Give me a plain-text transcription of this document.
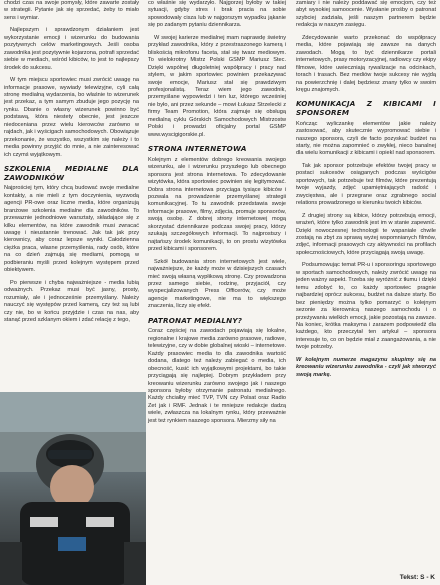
chodzi czas na swoje pomysły, które zawarte zostały w strategii. Pytanie jak się sprzedać, żeby to miało sens i wymiar.

Najlepszym i sprawdzonym działaniem jest wykorzystanie emocji i wizerunku do budowania pozytywnych celów marketingowych. Jeśli osoba zawodnika jest pozytywnie kojarzona, potrafi sprzedać siebie w mediach, wśród kibiców, to jest to najlepszy środek do sukcesu.

W tym miejscu sportowiec musi zwrócić uwagę na informacje prasowe, wywiady telewizyjne, cyli całą stronę medialną wydarzenia, bo właśnie to wizerunek jest przekaz, a tym samym zbuduje jego pozycję na rynku. Dbanie o własny wizerunek powinno być podstawą, która niestety obecnie, jest jeszcze niedoceniana przez wielu kierowców zarówno w rajdach, jak i wyścigach samochodowych. Obowiązuje przekonanie, że wszystko, wszystkim się należy i to media powinny przyjść do mnie, a nie zainteresować ich czymś wyjątkowym.

SZKOLENIA MEDIALNE DLA ZAWODNIKÓW

Najprościej tym, który chcą budować swoje medialne kontakty, a nie mieli z tym doczynienia, wyzwodą agencji PR-owe oraz liczne media, które organizują branżowe szkolenia medialne dla zawodników. To przewaznie jednodniowe warsztaty, składające się z kilku elementów, na które zawodnik musi zwracać uwagę i nieustannie trenować. Jak tak jak przy kierownicy, aby coraz lepsze wyniki. Całodzienna ciężka praca, własne przemyślenia, rady osób, które na co dzień zajmują się mediami, pomogą w podbieraniu myśli przed kolejnym występem przed obiektywem.

Po pierwsze i chyba najważniejsze - media lubią odważnych. Przekaz musi być jasny, prosty, rozumiały, ale i jednocześnie przemyślany. Należy nauczyć się występów przed kamerą, czy też są lubi czy nie, bo w końcu przyjdzie i czas na nas, aby stanąć przed szklanym okiem i zdać relację z tego,

co właśnie się wydarzyło. Najgorzej byłoby w takiej sytuacji, gdyby stres i brak pracia na sobie spowodowały cisza lub w najgorszym wypadku jąkanie się po zadanym pytaniu dziennikarza.

W swojej karierze medialnej mam naprawdę świetny przykład zawodnika, który z przestraszonego kamerą i bliskością mikrofonu faceta, stał się twarz mediowym. To wielokrotny Mistrz Polski GSMP Mariusz Stec. Dzięki wspólnej długoletniej współpracy i pracy nad stylem, w jakim sportowiec powinien przekazywać swoje emocje, Mariusz stał się prawdziwym profesjonalistą. Teraz wiem jego zawodnik, przemyślane wypowiedzi i ten luz, którego wcześniej nie było, ani przez sekunde – mowi Łukasz Strzelecki z firmy Team Promotion, która zajmuje się obsługą medialną cyklu Górskich Samochodowych Mistrzostw Polski i prowadzi oficjalny portal GSMP www.wyscigigorskie.pl.

STRONA INTERNETOWA

Kolejnym z elementów dobrego kreowania swojego wizerunku, ale i wizerunku przyszłego lub obecnego sponsora jest strona internetowa. To zdecydowanie wizytówka, która sportowiec powinien się legitymować. Dobra strona internetowa przyciąga tysiące kibiców i pozwala na prowadzenie przemyślanej strategii komunikacyjnej. To tu zawodnik przedstawia swoje informacje prasowe, filmy, zdjęcia, promuje sponsorów, swoją osobę. Z dobrej strony internetowej mogą skorzystać dziennikarze podczas swojej pracy, którzy szukają szczegółowych informacji. To najprostszy i najtańszy środek komunikacji, to on prostu wizytówka przed kibicami i sponsorem.

Szkół budowania stron internetowych jest wiele, najważniejsze, że każdy może w dzisiejszych czasach mieć swoją własną wypłikową stronę. Czy prowadzona przez samego siebie, rodzinę, przyjaciół, czy wyspecjalizowanych Press Officerów, czy może agencje marketingowe, nie ma to większego znaczenia, liczy się efekt.

PATRONAT MEDIALNY?

Coraz częściej na zawodach pojawiają się lokalne, regionalne i krajowe media zarówno prasowe, radiowe, telewizyjne, czy w dobie globalnej wioski – internetowe. Każdy prasowiec media to dla zawodnika wartość dodana, dlatego też należy zabiegać o media, ich obecność, kusić ich wyjątkowymi projektami, bo takie przyciągają się najlepiej. Dobrym przykładem przy kreowaniu wizerunku zarówno swojego jak i naszego sponsora byłoby otrzymanie patronatu medialnego. Każdy chciałby mieć TVP, TVN czy Polsat oraz Radio Zet jak i RMF. Jednak i te mniejsze redakcje dadzą wiele, zwłaszcza na lokalnym rynku, który przeważnie jest też rynkiem naszego sponsora. Mierzmy siły na

zamiary i nie należy poddawać się emocjom, czy też abyt wysokiej samoocenie. Wysłanie prośby o patronat szybciej zadziała, jeśli naszym partnerem będzie redakcja w naszym zasięgu.

Zdecydowanie warto przekonać do współpracy media, które pojawiają się zawsze na danych zawodach. Mogą to być dziennikarze portali internetowych, prasy motoryzacyjnej, radiowcy czy ekipy filmowe, które uwieczniają rywalizacje na odcinkach, torach i trasach. Bez mediów twoje sukcesy nie wyjdą na powierzchnię i dalej będziesz znany tylko w swoim kręgu znajomych.

KOMUNIKACJA Z KIBICAMI I SPONSOREM

Kończąc wyliczankę elementów jakie należy zastosować, aby skutecznie wypromować siebie i naszego sponsora, czyli de facto pozyskać budżet na starty, nie można zapomnieć o zwykłej, nieco banalnej dla wielu komunikacji z kibicami i opiekI nad sponsorem.

Tak jak sponsor potrzebuje efektów twojej pracy w postaci sukcesów osiąganych podczas wyścigów sportowych, tak potrzebuje też filmów, które prezentują twoje wyjazdy, zdjęć upamiętniających radość i zwycięstwa, ale i przegrane oraz zgrabnego social relations prowadzonego w kierunku twoich kibiców.

Z drugiej strony są kibice, którzy potrzebują emocji, wrażeń, które tylko zawodnik jest im w stanie zapewnić. Dzięki nowoczesnej technologii te wspaniale chwile zostają na zbyt za sprawą wyżej wspomnianych filmów, zdjęć, informacji prasowych czy aktywności na profilach społecznościowych, które przyciągają swoją uwagę.

Podsumowując temat PR-u i sponsoringu sportowego w sportach samochodowych, należy zwrócić uwagę na jeden ważny aspekt. Trzeba się wyróżnić z tłumu i dzięki temu zdobyć to, co każdy sportowiec pragnie najbardziej oprócz sukcesu, budżet na dalsze starty. Bo bez pieniędzy można tylko pomarzyć o kolejnym sezonie za kierownicą naszego samochodu i o przeżywaniu wielkich emocji, jakie pozostają na zawsze. Na koniec, krótka maksyma i zarazem podpowiedź dla każdego, kto przeczytał ten artykuł – sponsora interesuje to, co on będzie miał z zaangażowania, a nie twoje potrzeby.

W kolejnym numerze magazynu skupimy się na kreowaniu wizerunku zawodnika - czyli jak stworzyć swoją markę.

Tekst: S - K
